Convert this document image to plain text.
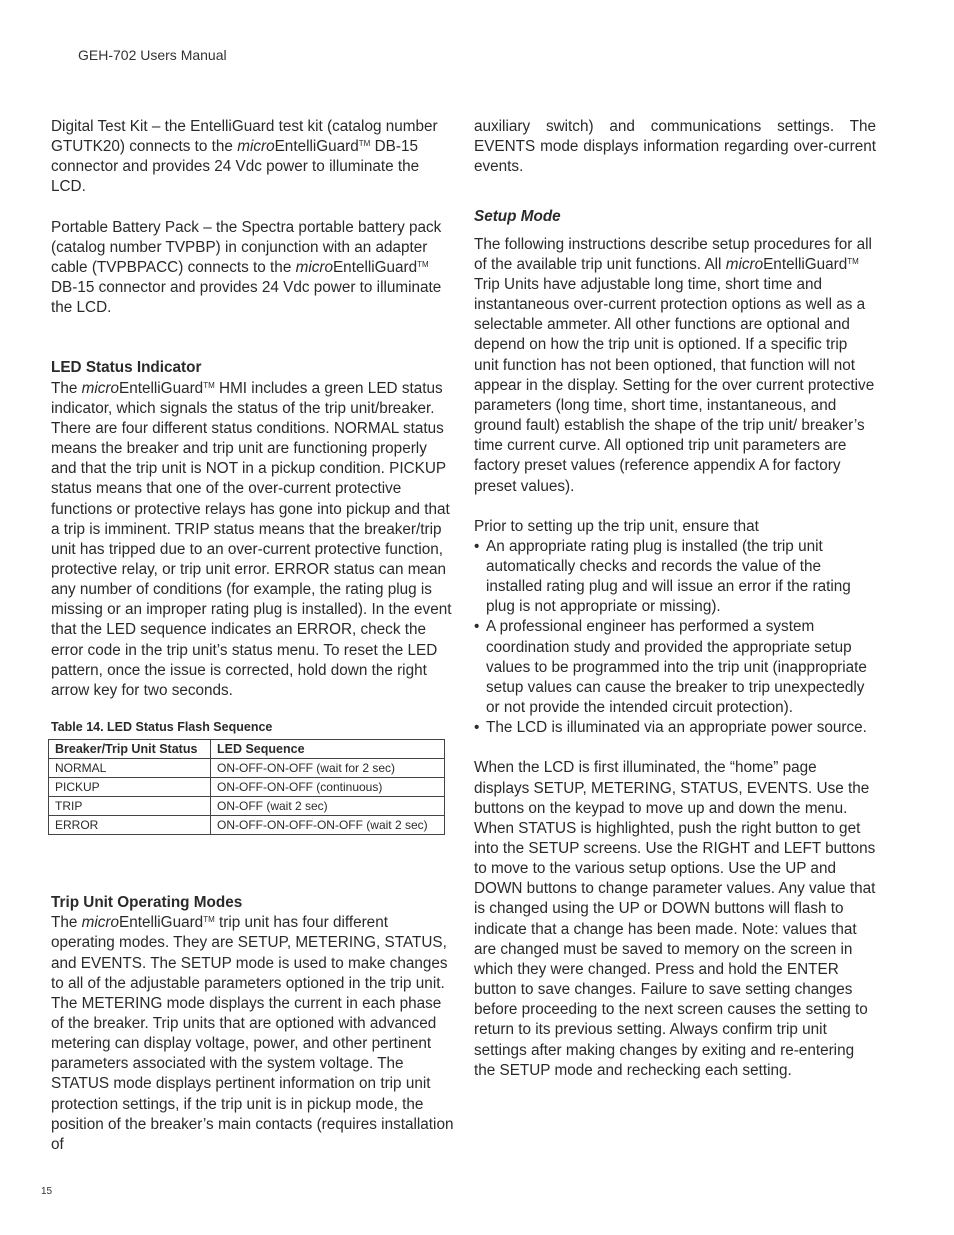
GEH-702 Users Manual

Digital Test Kit – the EntelliGuard test kit (catalog number GTUTK20) connects to the microEntelliGuard™ DB-15 connector and provides 24 Vdc power to illuminate the LCD.

Portable Battery Pack – the Spectra portable battery pack (catalog number TVPBP) in conjunction with an adapter cable (TVPBPACC) connects to the microEntelliGuard™ DB-15 connector and provides 24 Vdc power to illuminate the LCD.

LED Status Indicator

The microEntelliGuard™ HMI includes a green LED status indicator, which signals the status of the trip unit/breaker. There are four different status conditions. NORMAL status means the breaker and trip unit are functioning properly and that the trip unit is NOT in a pickup condition. PICKUP status means that one of the over-current protective functions or protective relays has gone into pickup and that a trip is imminent. TRIP status means that the breaker/trip unit has tripped due to an over-current protective function, protective relay, or trip unit error. ERROR status can mean any number of conditions (for example, the rating plug is missing or an improper rating plug is installed). In the event that the LED sequence indicates an ERROR, check the error code in the trip unit’s status menu. To reset the LED pattern, once the issue is corrected, hold down the right arrow key for two seconds.

Table 14. LED Status Flash Sequence
Breaker/Trip Unit Status	LED Sequence
NORMAL	ON-OFF-ON-OFF (wait for 2 sec)
PICKUP	ON-OFF-ON-OFF (continuous)
TRIP	ON-OFF (wait 2 sec)
ERROR	ON-OFF-ON-OFF-ON-OFF (wait 2 sec)
Trip Unit Operating Modes

The microEntelliGuard™ trip unit has four different operating modes. They are SETUP, METERING, STATUS, and EVENTS. The SETUP mode is used to make changes to all of the adjustable parameters optioned in the trip unit. The METERING mode displays the current in each phase of the breaker. Trip units that are optioned with advanced metering can display voltage, power, and other pertinent parameters associated with the system voltage. The STATUS mode displays pertinent information on trip unit protection settings, if the trip unit is in pickup mode, the position of the breaker’s main contacts (requires installation of

auxiliary switch) and communications settings. The EVENTS mode displays information regarding over-current events.

Setup Mode

The following instructions describe setup procedures for all of the available trip unit functions. All microEntelliGuard™ Trip Units have adjustable long time, short time and instantaneous over-current protection options as well as a selectable ammeter. All other functions are optional and depend on how the trip unit is optioned. If a specific trip unit function has not been optioned, that function will not appear in the display. Setting for the over current protective parameters (long time, short time, instantaneous, and ground fault) establish the shape of the trip unit/ breaker’s time current curve. All optioned trip unit parameters are factory preset values (reference appendix A for factory preset values).

Prior to setting up the trip unit, ensure that

• An appropriate rating plug is installed (the trip unit automatically checks and records the value of the installed rating plug and will issue an error if the rating plug is not appropriate or missing).
• A professional engineer has performed a system coordination study and provided the appropriate setup values to be programmed into the trip unit (inappropriate setup values can cause the breaker to trip unexpectedly or not provide the intended circuit protection).
• The LCD is illuminated via an appropriate power source.

When the LCD is first illuminated, the “home” page displays SETUP, METERING, STATUS, EVENTS. Use the buttons on the keypad to move up and down the menu. When STATUS is highlighted, push the right button to get into the SETUP screens. Use the RIGHT and LEFT buttons to move to the various setup options. Use the UP and DOWN buttons to change parameter values. Any value that is changed using the UP or DOWN buttons will flash to indicate that a change has been made. Note: values that are changed must be saved to memory on the screen in which they were changed. Press and hold the ENTER button to save changes. Failure to save setting changes before proceeding to the next screen causes the setting to return to its previous setting. Always confirm trip unit settings after making changes by exiting and re-entering the SETUP mode and rechecking each setting.

15
